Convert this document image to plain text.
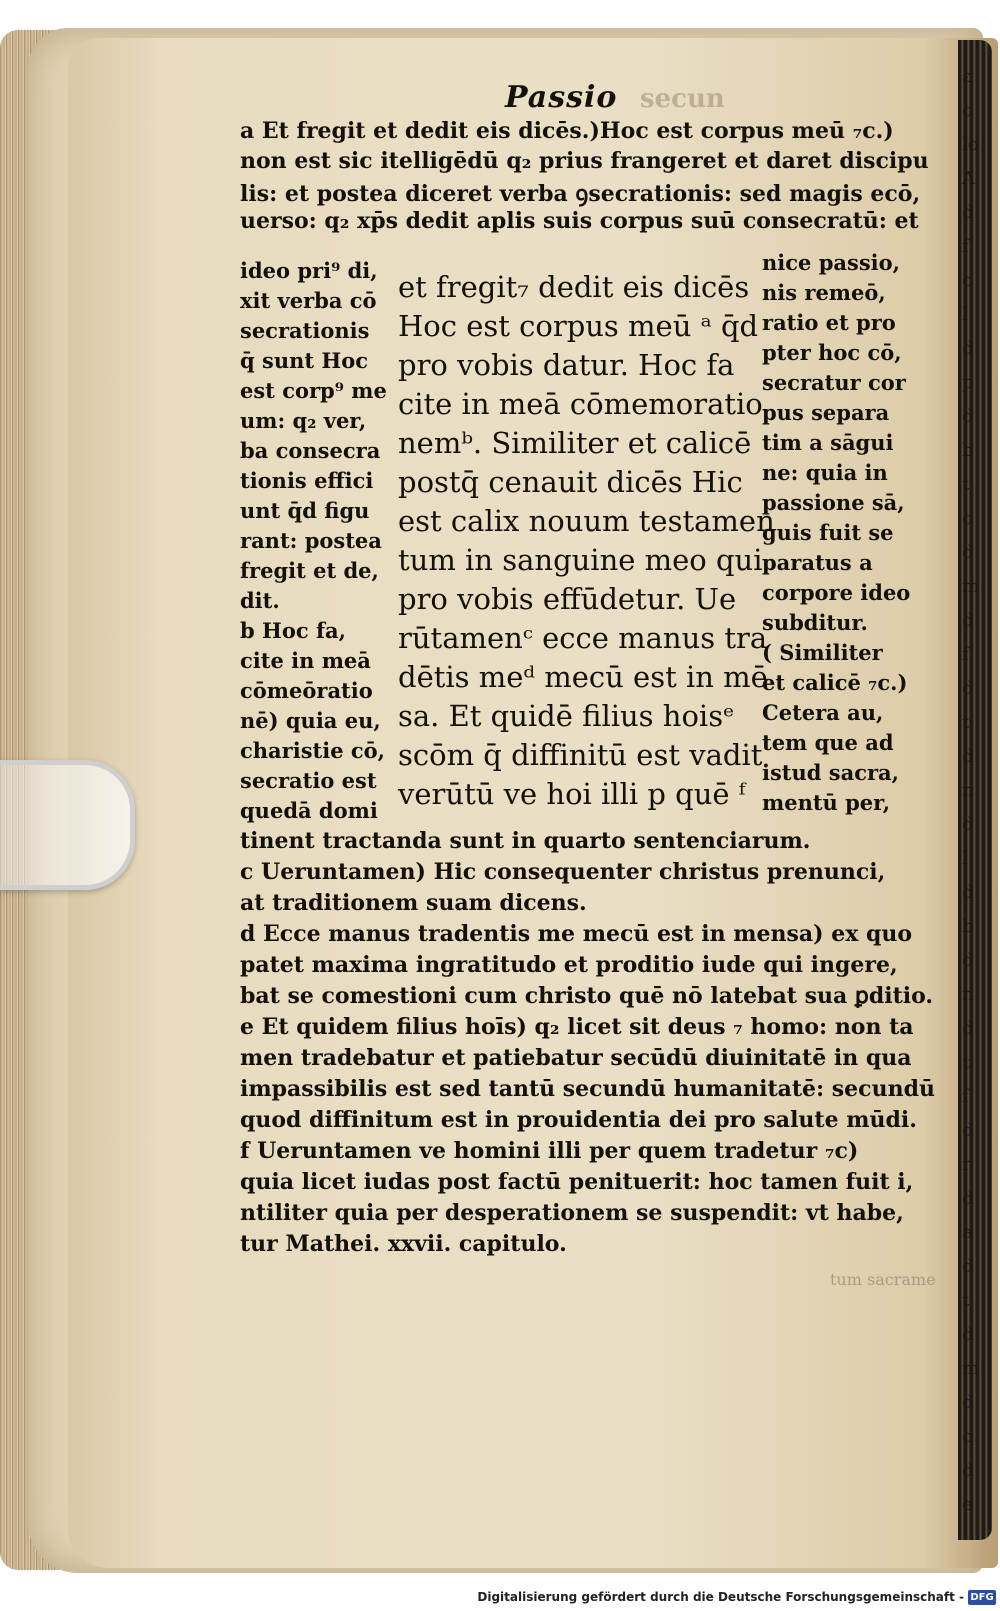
ε
c
lo
A
d
f
c
l
d
p
d
b
t
c
d
m
d
f
d
t
d
n
d
l
d
b
d
n
d
u
f
d
r
d
a
d
t
d
m
d
o
d
e
Passio secun
a Et fregit et dedit eis dicēs.)Hoc est corpus meū ₇c.)
non est sic itelligēdū q₂ prius frangeret et daret discipu
lis: et postea diceret verba ꝯsecrationis: sed magis ecō,
uerso: q₂ xp̄s dedit aplis suis corpus suū consecratū: et
ideo pri⁹ di,
xit verba cō
secrationis
q̄ sunt Hoc
est corp⁹ me
um: q₂ ver,
ba consecra
tionis effici
unt q̄d figu
rant: postea
fregit et de,
dit.
b Hoc fa,
cite in meā
cōmeōratio
nē) quia eu,
charistie cō,
secratio est
quedā domi
et fregit₇ dedit eis dicēs
Hoc est corpus meū ᵃ q̄d
pro vobis datur. Hoc fa
cite in meā cōmemoratio
nemᵇ. Similiter et calicē
postq̄ cenauit dicēs Hic
est calix nouum testamen
tum in sanguine meo qui
pro vobis effūdetur. Ue
rūtamenᶜ ecce manus tra
dētis meᵈ mecū est in mē
sa. Et quidē filius hoisᵉ
scōm q̄ diffinitū est vadit
verūtū ve hoi illi p quē ᶠ
nice passio,
nis remeō,
ratio et pro
pter hoc cō,
secratur cor
pus separa
tim a sāgui
ne: quia in
passione sā,
guis fuit se
paratus a
corpore ideo
subditur.
( Similiter
et calicē ₇c.)
Cetera au,
tem que ad
istud sacra,
mentū per,
tinent tractanda sunt in quarto sentenciarum.
c Ueruntamen) Hic consequenter christus prenunci,
at traditionem suam dicens.
d Ecce manus tradentis me mecū est in mensa) ex quo
patet maxima ingratitudo et proditio iude qui ingere,
bat se comestioni cum christo quē nō latebat sua ꝑditio.
e Et quidem filius hoīs) q₂ licet sit deus ₇ homo: non ta
men tradebatur et patiebatur secūdū diuinitatē in qua
impassibilis est sed tantū secundū humanitatē: secundū
quod diffinitum est in prouidentia dei pro salute mūdi.
f Ueruntamen ve homini illi per quem tradetur ₇c)
quia licet iudas post factū penituerit: hoc tamen fuit i,
ntiliter quia per desperationem se suspendit: vt habe,
tur Mathei. xxvii. capitulo.
tum sacrame
Digitalisierung gefördert durch die Deutsche Forschungsgemeinschaft - DFG
